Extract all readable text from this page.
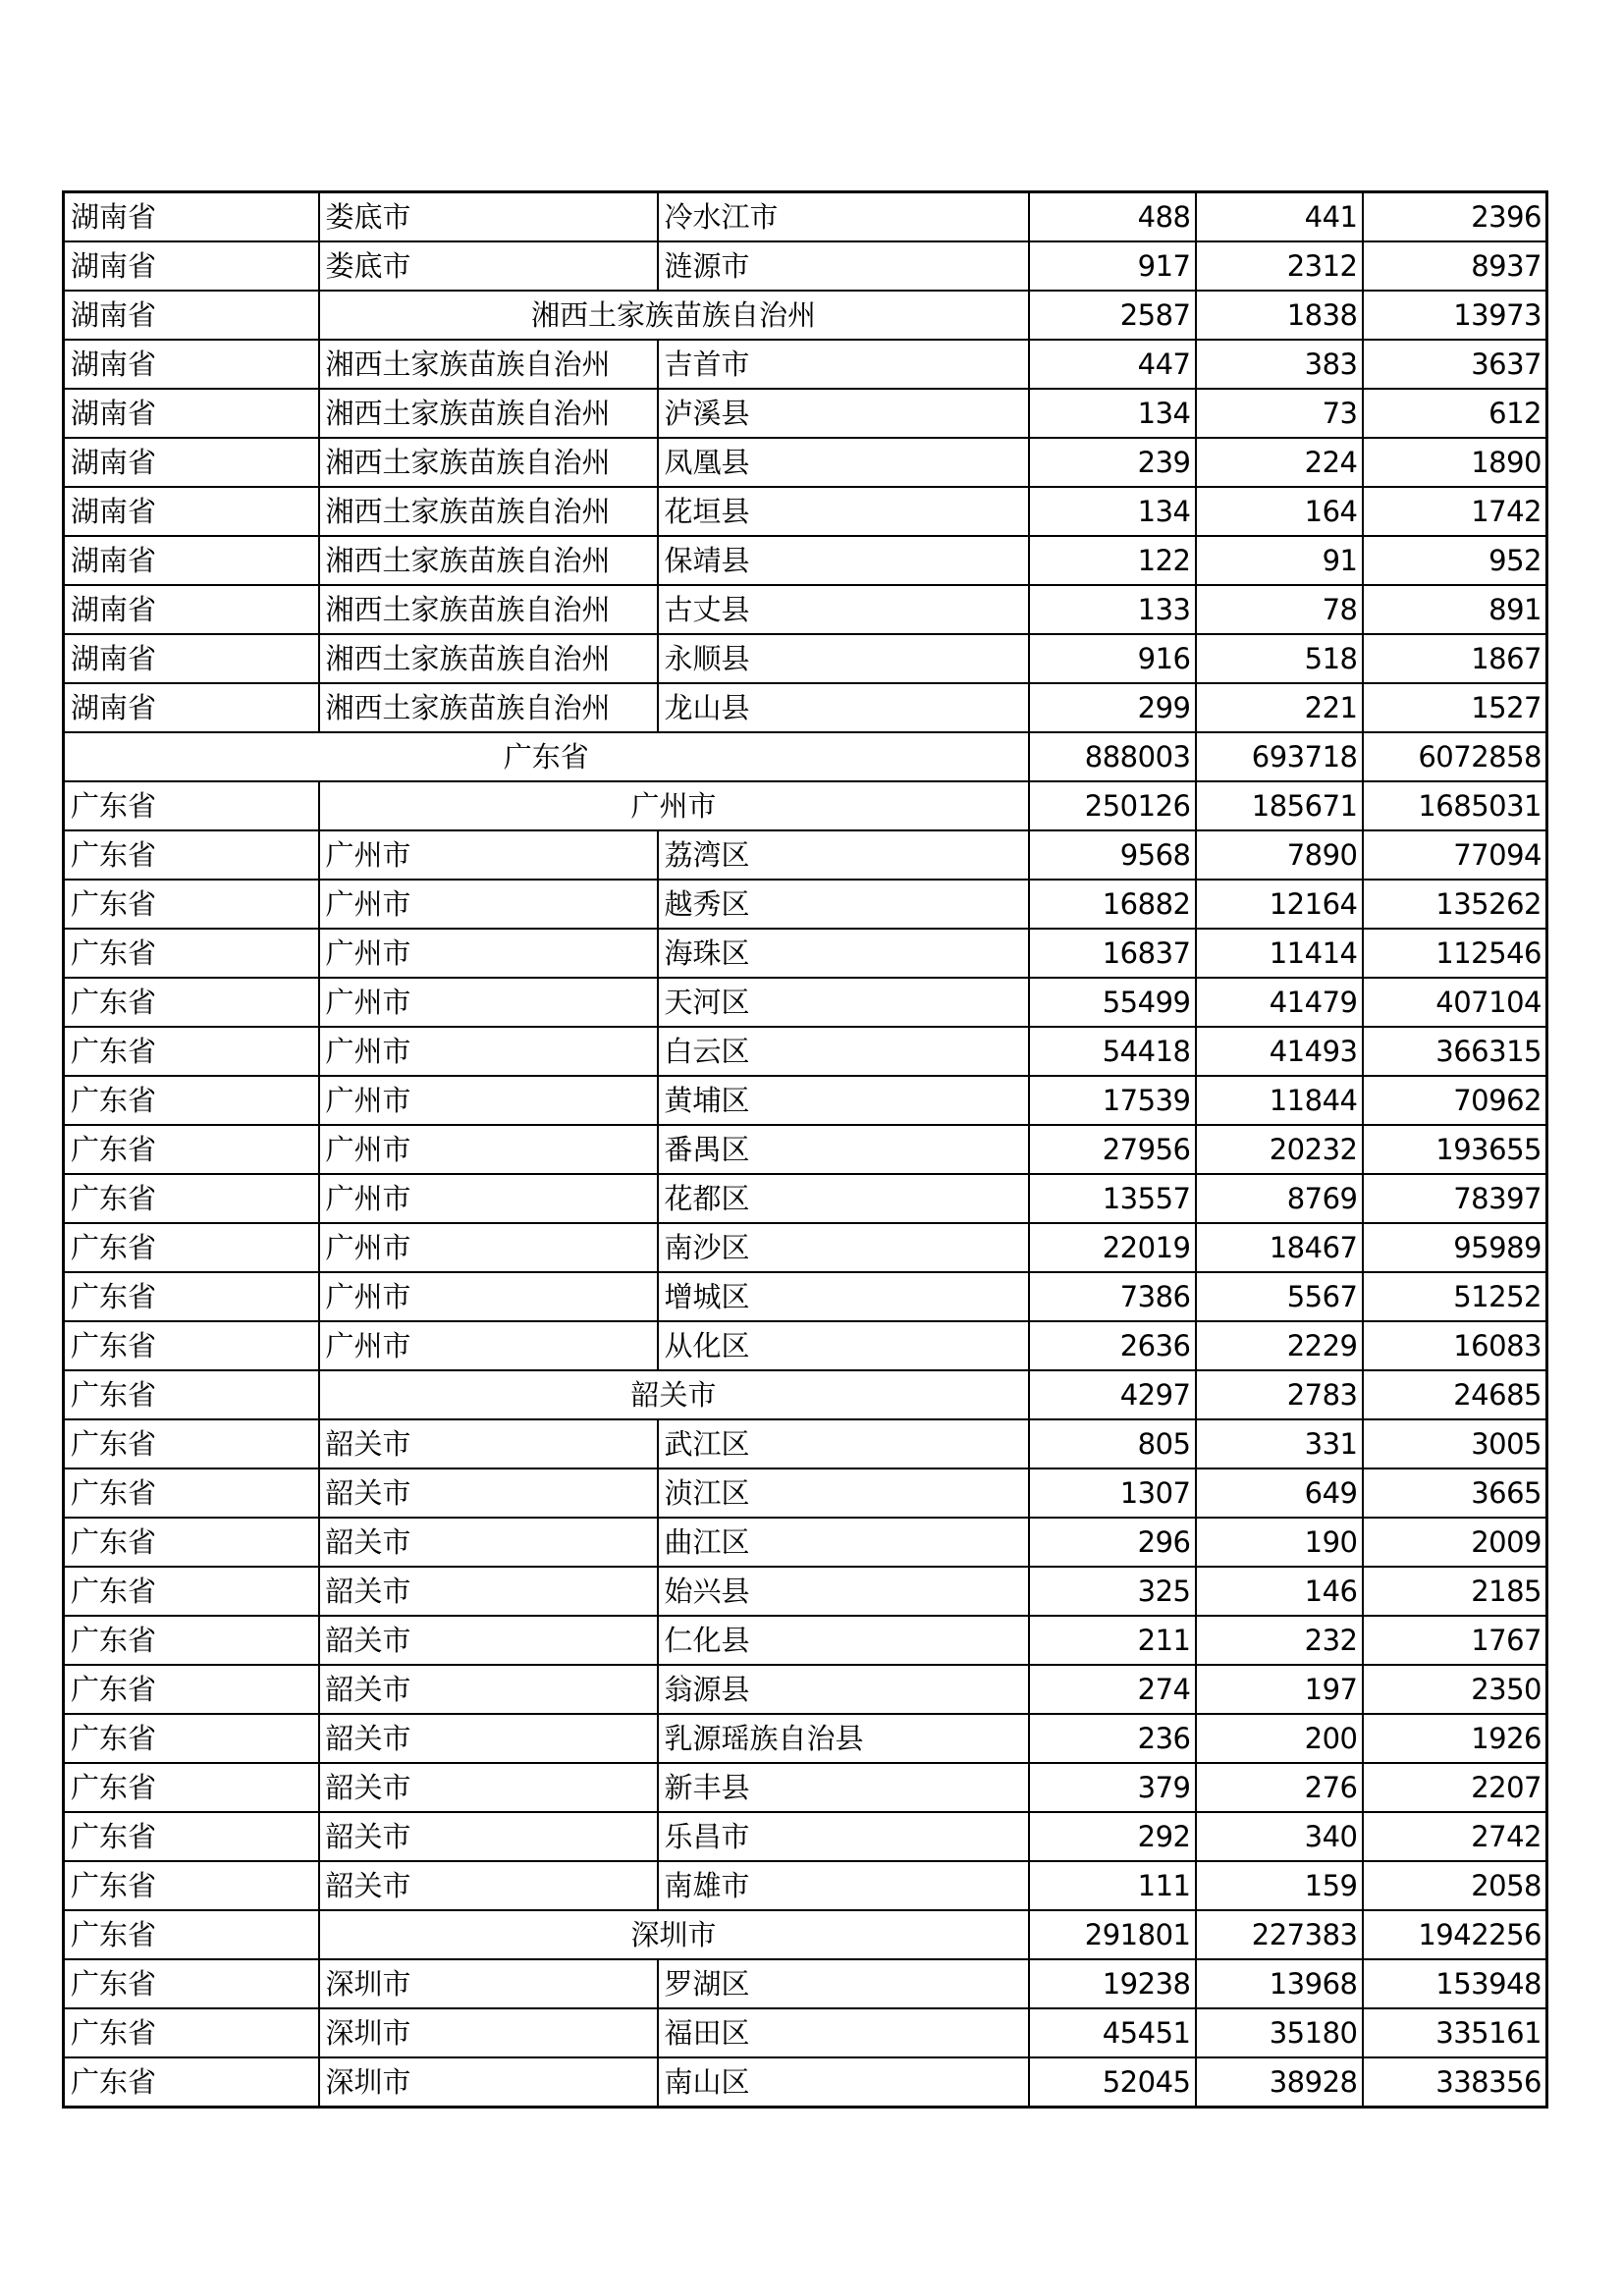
湖南省	娄底市	冷水江市	488	441	2396
湖南省	娄底市	涟源市	917	2312	8937
湖南省	湘西土家族苗族自治州		2587	1838	13973
湖南省	湘西土家族苗族自治州	吉首市	447	383	3637
湖南省	湘西土家族苗族自治州	泸溪县	134	73	612
湖南省	湘西土家族苗族自治州	凤凰县	239	224	1890
湖南省	湘西土家族苗族自治州	花垣县	134	164	1742
湖南省	湘西土家族苗族自治州	保靖县	122	91	952
湖南省	湘西土家族苗族自治州	古丈县	133	78	891
湖南省	湘西土家族苗族自治州	永顺县	916	518	1867
湖南省	湘西土家族苗族自治州	龙山县	299	221	1527
广东省			888003	693718	6072858
广东省	广州市		250126	185671	1685031
广东省	广州市	荔湾区	9568	7890	77094
广东省	广州市	越秀区	16882	12164	135262
广东省	广州市	海珠区	16837	11414	112546
广东省	广州市	天河区	55499	41479	407104
广东省	广州市	白云区	54418	41493	366315
广东省	广州市	黄埔区	17539	11844	70962
广东省	广州市	番禺区	27956	20232	193655
广东省	广州市	花都区	13557	8769	78397
广东省	广州市	南沙区	22019	18467	95989
广东省	广州市	增城区	7386	5567	51252
广东省	广州市	从化区	2636	2229	16083
广东省	韶关市		4297	2783	24685
广东省	韶关市	武江区	805	331	3005
广东省	韶关市	浈江区	1307	649	3665
广东省	韶关市	曲江区	296	190	2009
广东省	韶关市	始兴县	325	146	2185
广东省	韶关市	仁化县	211	232	1767
广东省	韶关市	翁源县	274	197	2350
广东省	韶关市	乳源瑶族自治县	236	200	1926
广东省	韶关市	新丰县	379	276	2207
广东省	韶关市	乐昌市	292	340	2742
广东省	韶关市	南雄市	111	159	2058
广东省	深圳市		291801	227383	1942256
广东省	深圳市	罗湖区	19238	13968	153948
广东省	深圳市	福田区	45451	35180	335161
广东省	深圳市	南山区	52045	38928	338356
